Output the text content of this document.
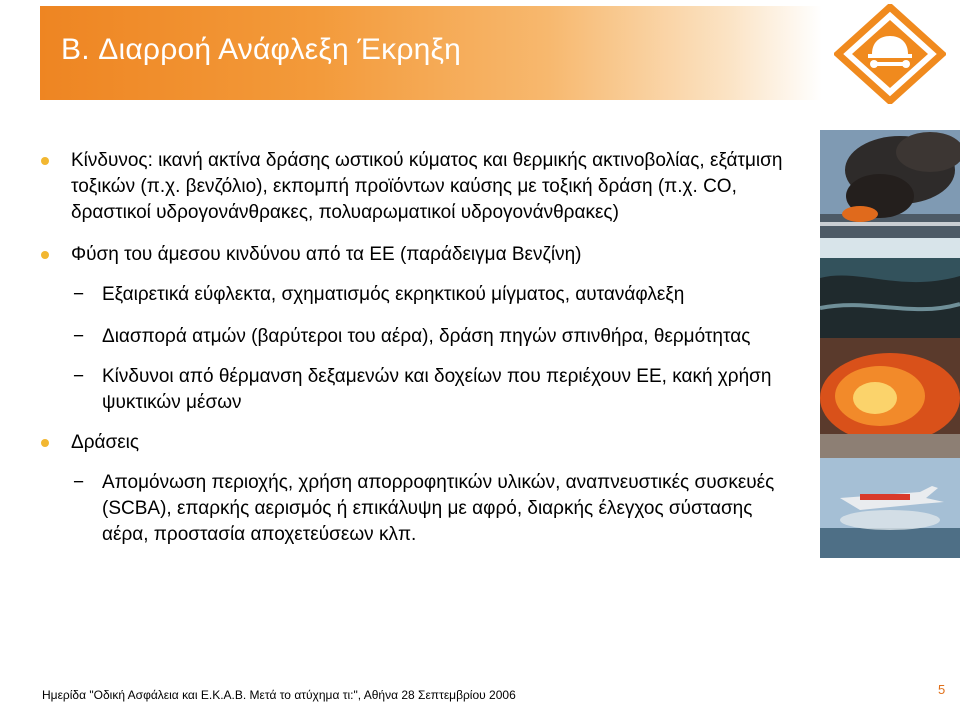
B. Διαρροή Ανάφλεξη Έκρηξη
Κίνδυνος: ικανή ακτίνα δράσης ωστικού κύματος και θερμικής ακτινοβολίας, εξάτμιση τοξικών (π.χ. βενζόλιο), εκπομπή προϊόντων καύσης με τοξική δράση (π.χ. CO, δραστικοί υδρογονάνθρακες, πολυαρωματικοί υδρογονάνθρακες)
Φύση του άμεσου κινδύνου από τα ΕΕ (παράδειγμα Βενζίνη)
− Εξαιρετικά εύφλεκτα, σχηματισμός εκρηκτικού μίγματος, αυτανάφλεξη
− Διασπορά ατμών (βαρύτεροι του αέρα), δράση πηγών σπινθήρα, θερμότητας
− Κίνδυνοι από θέρμανση δεξαμενών και δοχείων που περιέχουν ΕΕ, κακή χρήση ψυκτικών μέσων
Δράσεις
− Απομόνωση περιοχής, χρήση απορροφητικών υλικών, αναπνευστικές συσκευές (SCBA), επαρκής αερισμός ή επικάλυψη με αφρό, διαρκής έλεγχος σύστασης αέρα, προστασία αποχετεύσεων κλπ.
Ημερίδα "Οδική Ασφάλεια και Ε.Κ.Α.Β. Μετά το ατύχημα τι:", Αθήνα 28 Σεπτεμβρίου 2006	5
